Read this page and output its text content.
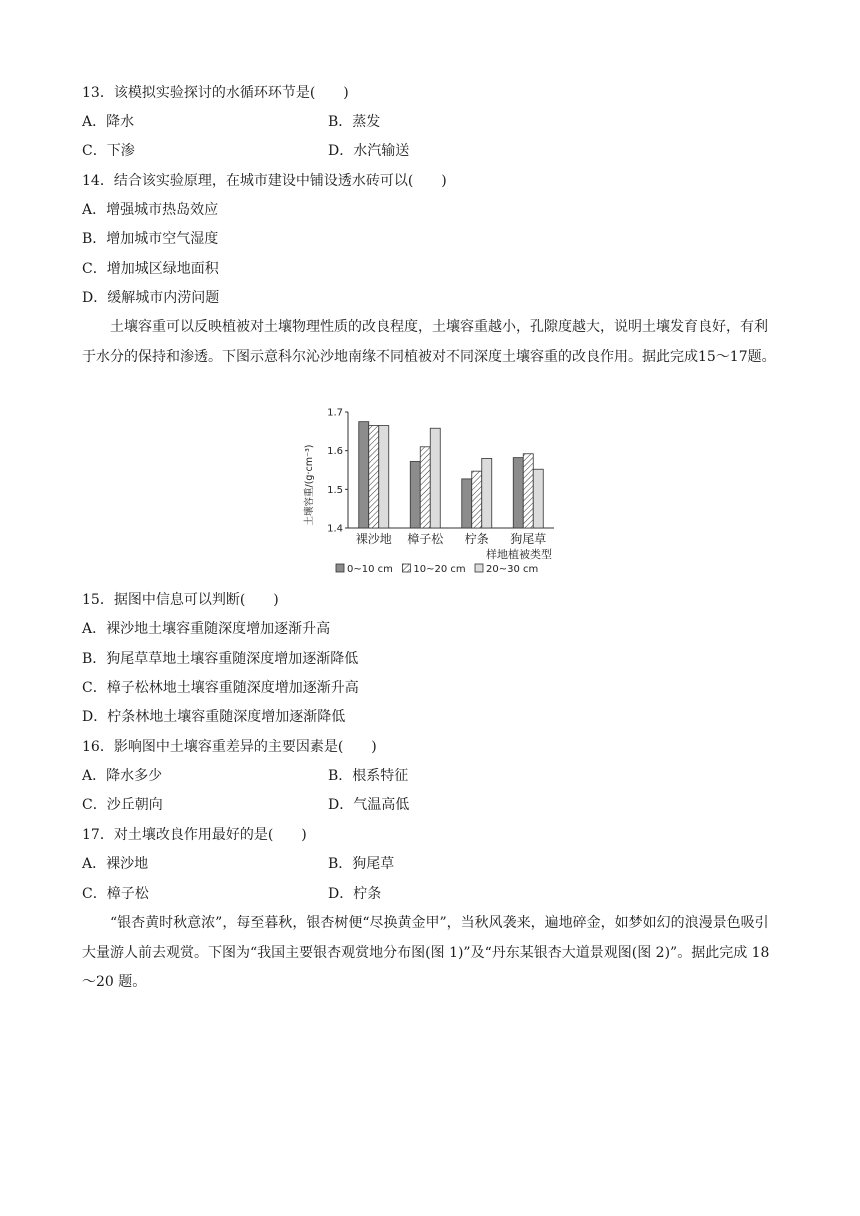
13．该模拟实验探讨的水循环环节是(　　)
A．降水	B．蒸发
C．下渗	D．水汽输送
14．结合该实验原理，在城市建设中铺设透水砖可以(　　)
A．增强城市热岛效应
B．增加城市空气湿度
C．增加城区绿地面积
D．缓解城市内涝问题
土壤容重可以反映植被对土壤物理性质的改良程度，土壤容重越小，孔隙度越大，说明土壤发育良好，有利于水分的保持和渗透。下图示意科尔沁沙地南缘不同植被对不同深度土壤容重的改良作用。据此完成15～17题。
土壤容重/(g·cm⁻³)
1.7
1.6
1.5
1.4
裸沙地 樟子松 柠条 狗尾草
样地植被类型
0~10 cm 10~20 cm 20~30 cm
15．据图中信息可以判断(　　)
A．裸沙地土壤容重随深度增加逐渐升高
B．狗尾草草地土壤容重随深度增加逐渐降低
C．樟子松林地土壤容重随深度增加逐渐升高
D．柠条林地土壤容重随深度增加逐渐降低
16．影响图中土壤容重差异的主要因素是(　　)
A．降水多少	B．根系特征
C．沙丘朝向	D．气温高低
17．对土壤改良作用最好的是(　　)
A．裸沙地	B．狗尾草
C．樟子松	D．柠条
“银杏黄时秋意浓”，每至暮秋，银杏树便“尽换黄金甲”，当秋风袭来，遍地碎金，如梦如幻的浪漫景色吸引大量游人前去观赏。下图为“我国主要银杏观赏地分布图(图 1)”及“丹东某银杏大道景观图(图 2)”。据此完成 18～20 题。
